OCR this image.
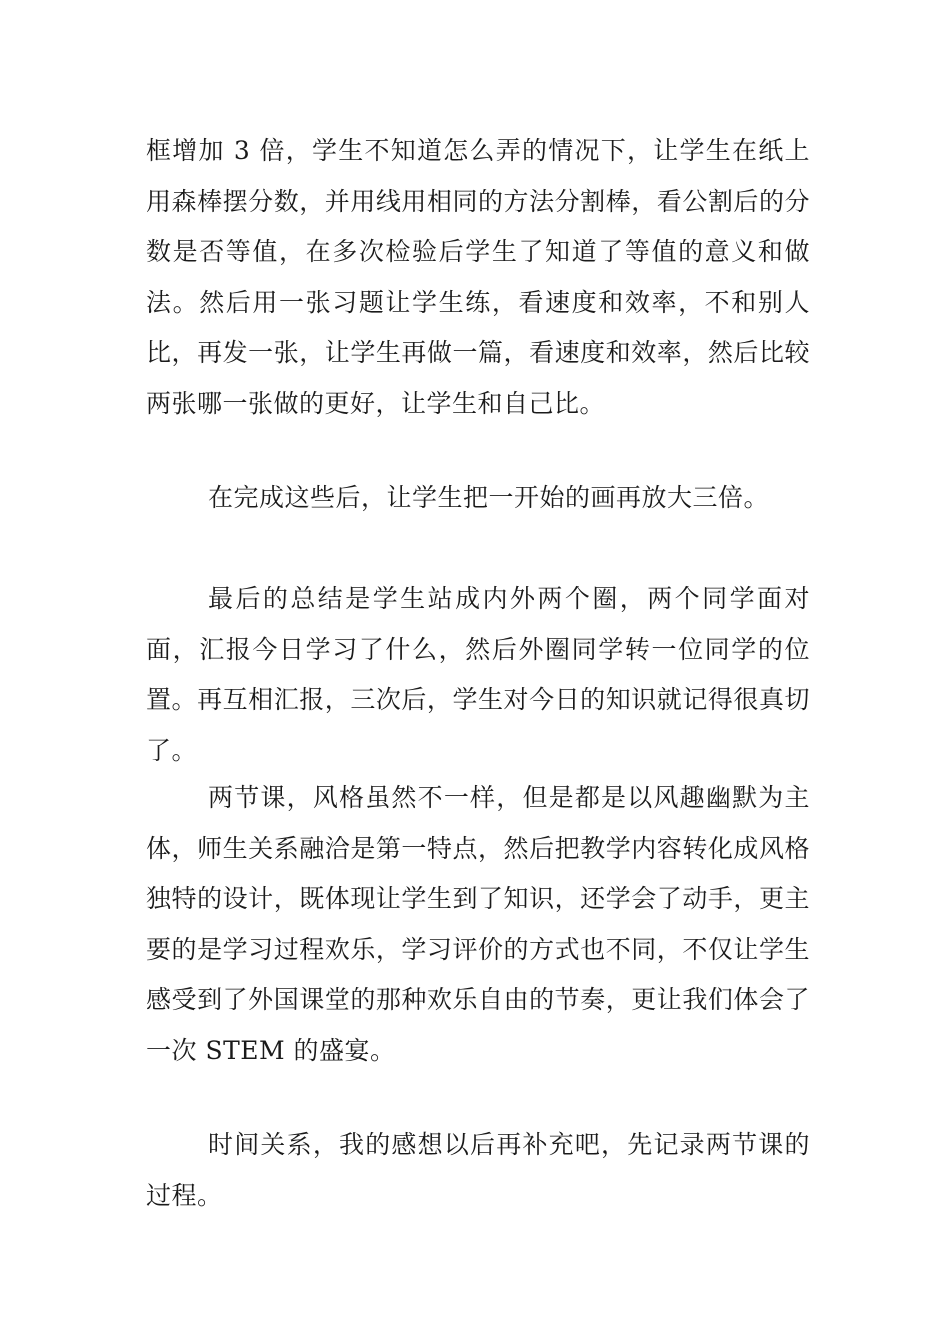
框增加 3 倍，学生不知道怎么弄的情况下，让学生在纸上用森棒摆分数，并用线用相同的方法分割棒，看公割后的分数是否等值，在多次检验后学生了知道了等值的意义和做法。然后用一张习题让学生练，看速度和效率，不和别人比，再发一张，让学生再做一篇，看速度和效率，然后比较两张哪一张做的更好，让学生和自己比。

在完成这些后，让学生把一开始的画再放大三倍。

最后的总结是学生站成内外两个圈，两个同学面对面，汇报今日学习了什么，然后外圈同学转一位同学的位置。再互相汇报，三次后，学生对今日的知识就记得很真切了。

两节课，风格虽然不一样，但是都是以风趣幽默为主体，师生关系融洽是第一特点，然后把教学内容转化成风格独特的设计，既体现让学生到了知识，还学会了动手，更主要的是学习过程欢乐，学习评价的方式也不同，不仅让学生感受到了外国课堂的那种欢乐自由的节奏，更让我们体会了一次 STEM 的盛宴。

时间关系，我的感想以后再补充吧，先记录两节课的过程。
